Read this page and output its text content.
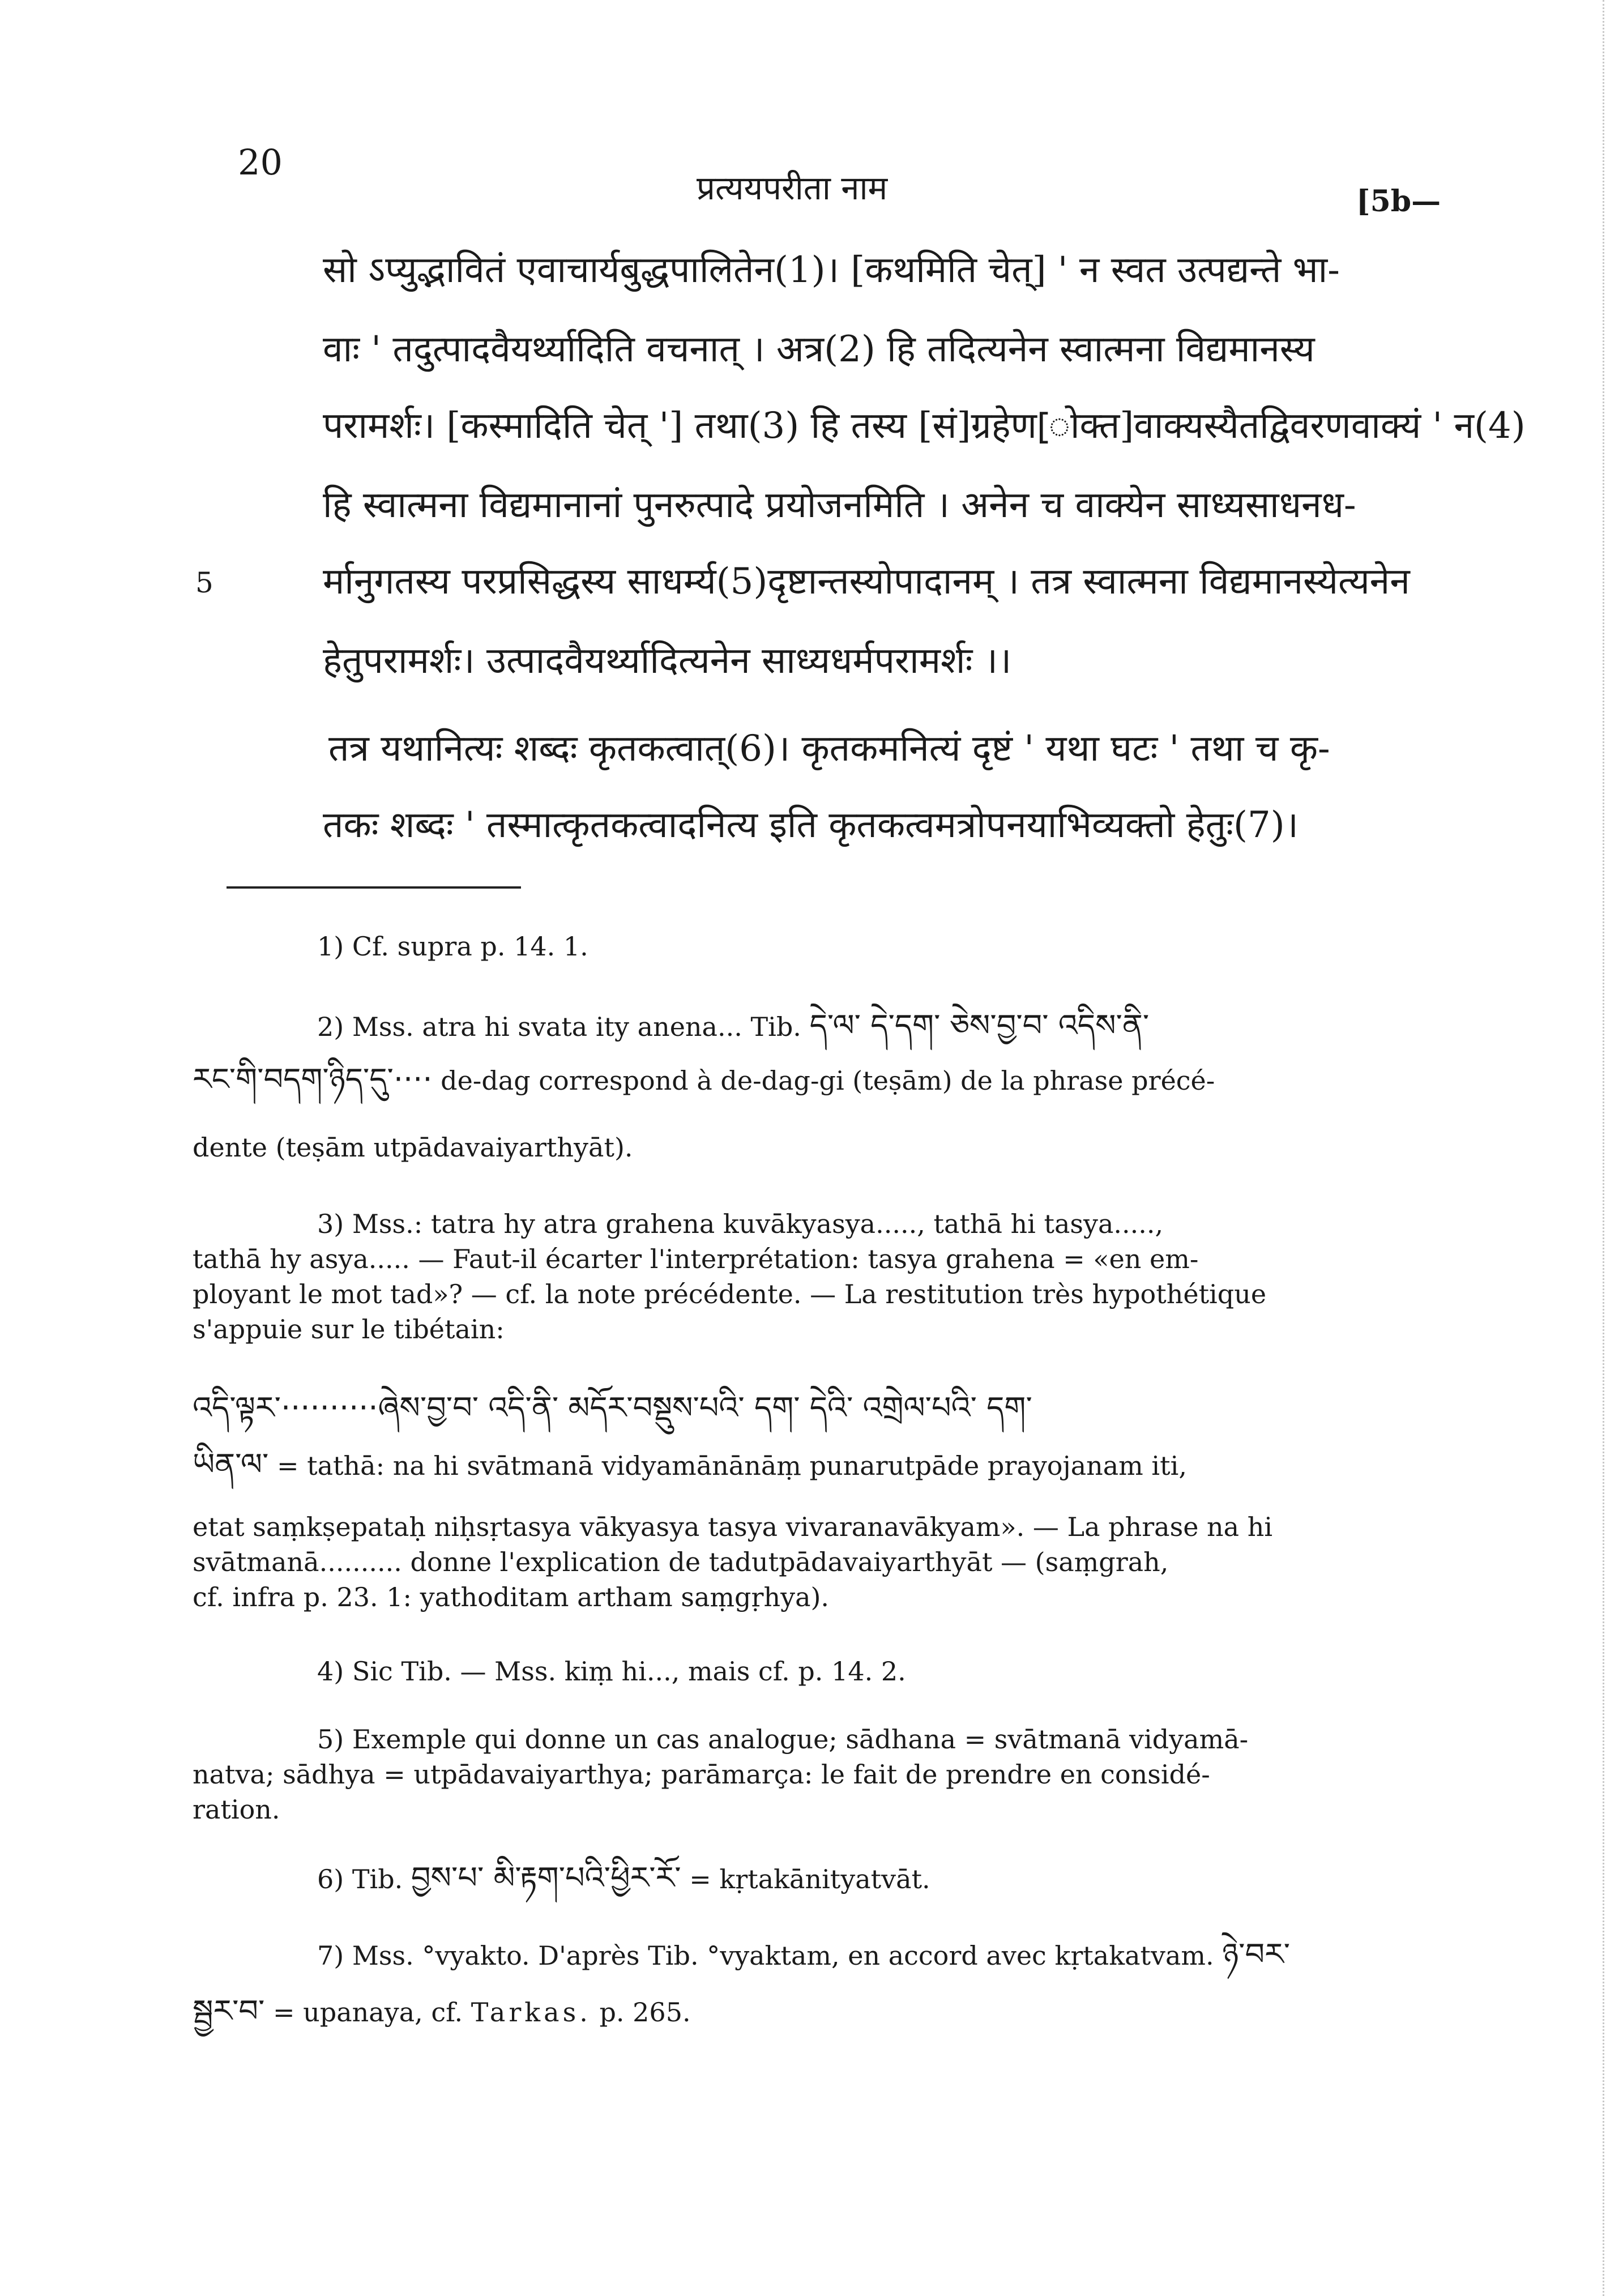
20
प्रत्ययपरीता नाम	[5b—
सो ऽप्युद्भावितं एवाचार्यबुद्धपालितेन(1)। [कथमिति चेत्] ' न स्वत उत्पद्यन्ते भा-
वाः ' तदुत्पादवैयर्थ्यादिति वचनात् । अत्र(2) हि तदित्यनेन स्वात्मना विद्यमानस्य
परामर्शः। [कस्मादिति चेत् '] तथा(3) हि तस्य [सं]ग्रहेण[ोक्त]वाक्यस्यैतद्विवरणवाक्यं ' न(4)
हि स्वात्मना विद्यमानानां पुनरुत्पादे प्रयोजनमिति । अनेन च वाक्येन साध्यसाधनध-
5	र्मानुगतस्य परप्रसिद्धस्य साधर्म्य(5)दृष्टान्तस्योपादानम् । तत्र स्वात्मना विद्यमानस्येत्यनेन
हेतुपरामर्शः। उत्पादवैयर्थ्यादित्यनेन साध्यधर्मपरामर्शः ।।
तत्र यथानित्यः शब्दः कृतकत्वात्(6)। कृतकमनित्यं दृष्टं ' यथा घटः ' तथा च कृ-
तकः शब्दः ' तस्मात्कृतकत्वादनित्य इति कृतकत्वमत्रोपनयाभिव्यक्तो हेतुः(7)।
1) Cf. supra p. 14. 1.
2) Mss. atra hi svata ity anena... Tib. དེ་ལ་ དེ་དག་ ཅེས་བྱ་བ་ འདིས་ནི་
རང་གི་བདག་ཉིད་དུ་···· de-dag correspond à de-dag-gi (teṣām) de la phrase précé-
dente (teṣām utpādavaiyarthyāt).
3) Mss.: tatra hy atra grahena kuvākyasya....., tathā hi tasya.....,
tathā hy asya..... — Faut-il écarter l'interprétation: tasya grahena = «en em-
ployant le mot tad»? — cf. la note précédente. — La restitution très hypothétique
s'appuie sur le tibétain:
འདི་ལྟར་··········ཞེས་བྱ་བ་ འདི་ནི་ མདོར་བསྡུས་པའི་ དག་ དེའི་ འགྲེལ་པའི་ དག་
ཡིན་ལ་ = tathā: na hi svātmanā vidyamānānāṃ punarutpāde prayojanam iti,
etat saṃkṣepataḥ niḥsṛtasya vākyasya tasya vivaranavākyam». — La phrase na hi
svātmanā.......... donne l'explication de tadutpādavaiyarthyāt — (saṃgrah,
cf. infra p. 23. 1: yathoditam artham saṃgṛhya).
4) Sic Tib. — Mss. kiṃ hi..., mais cf. p. 14. 2.
5) Exemple qui donne un cas analogue; sādhana = svātmanā vidyamā-
natva; sādhya = utpādavaiyarthya; parāmarça: le fait de prendre en considé-
ration.
6) Tib. བྱས་པ་ མི་རྟག་པའི་ཕྱིར་རོ་ = kṛtakānityatvāt.
7) Mss. °vyakto. D'après Tib. °vyaktam, en accord avec kṛtakatvam. ཉེ་བར་
སྦྱར་བ་ = upanaya, cf. Tarkas. p. 265.
